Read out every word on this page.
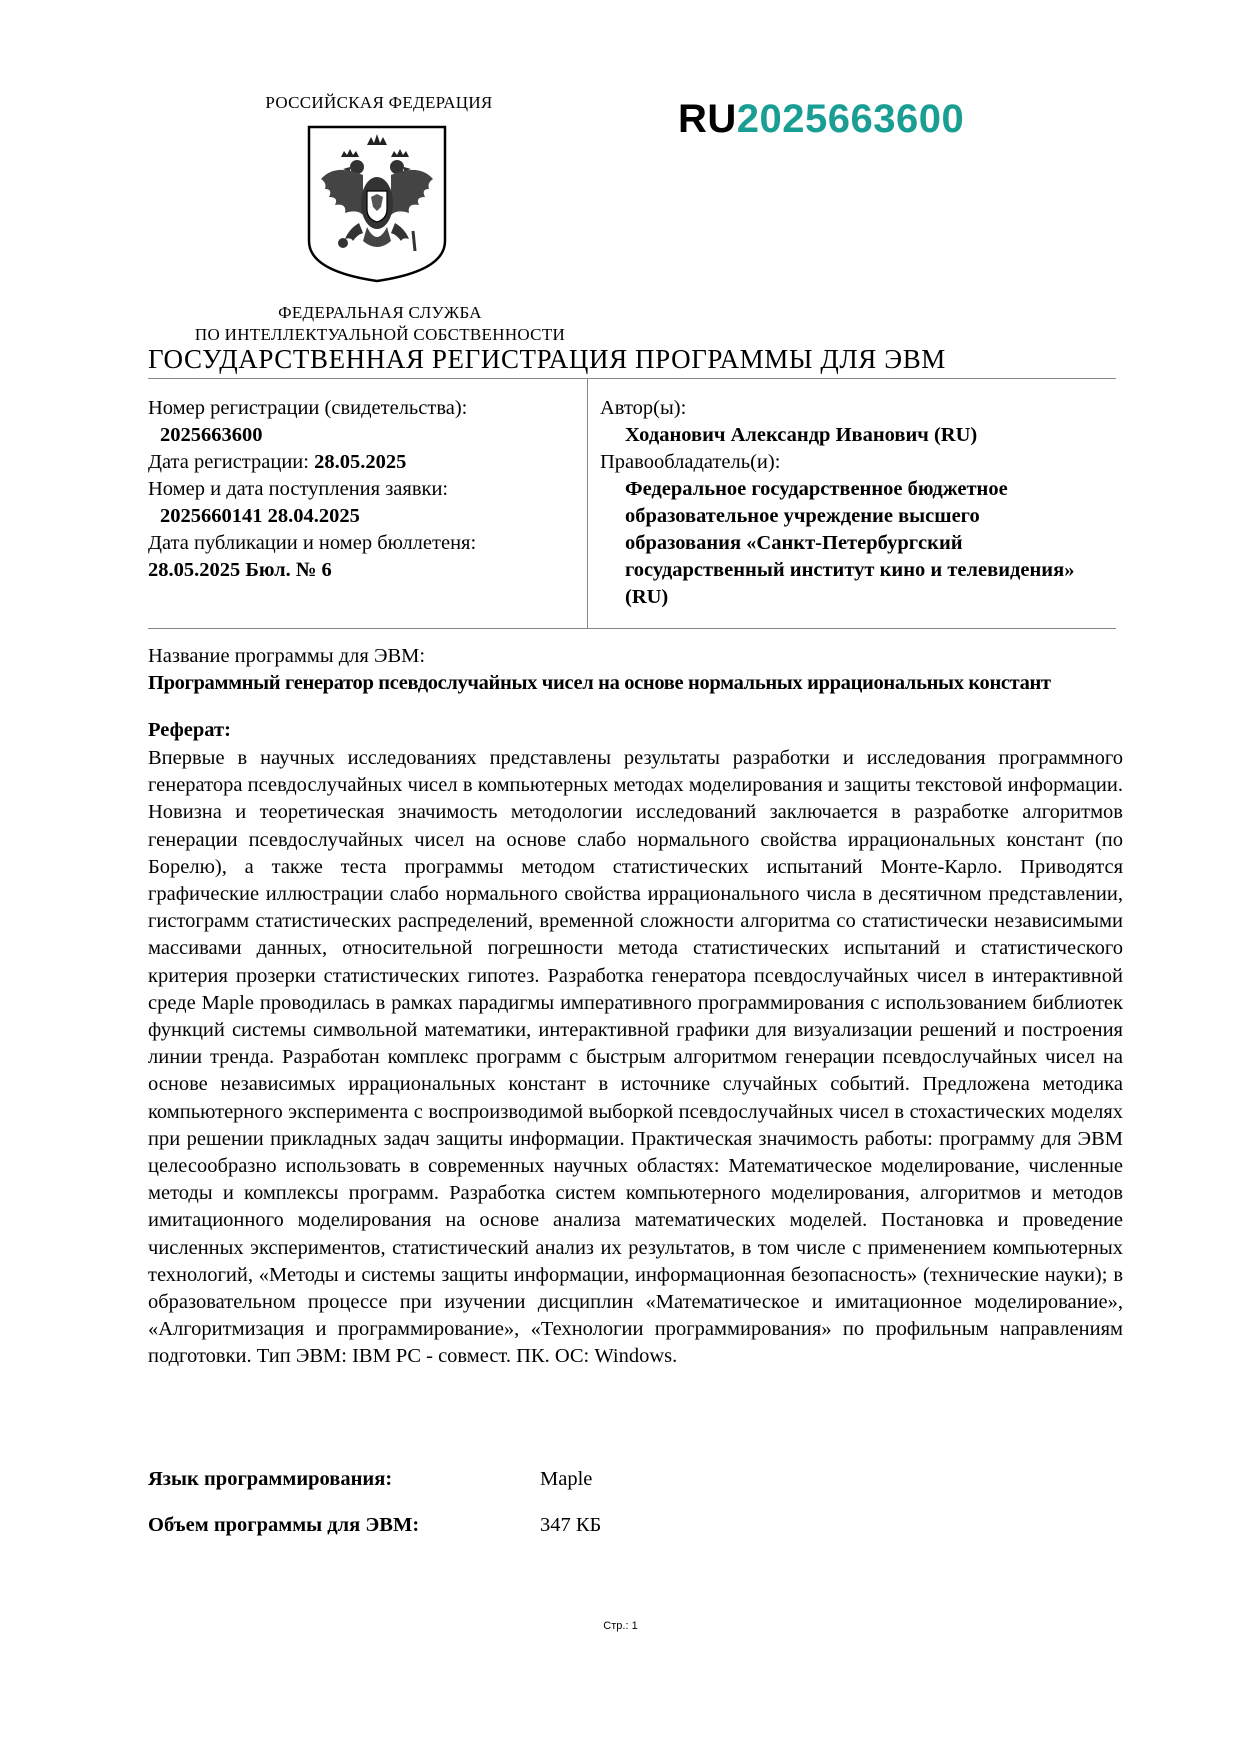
РОССИЙСКАЯ ФЕДЕРАЦИЯ
ФЕДЕРАЛЬНАЯ СЛУЖБА
ПО ИНТЕЛЛЕКТУАЛЬНОЙ СОБСТВЕННОСТИ
RU2025663600
ГОСУДАРСТВЕННАЯ РЕГИСТРАЦИЯ ПРОГРАММЫ ДЛЯ ЭВМ
Номер регистрации (свидетельства):
2025663600
Дата регистрации: 28.05.2025
Номер и дата поступления заявки:
2025660141 28.04.2025
Дата публикации и номер бюллетеня:
28.05.2025 Бюл. № 6
Автор(ы):
Ходанович Александр Иванович (RU)
Правообладатель(и):
Федеральное государственное бюджетное образовательное учреждение высшего образования «Санкт-Петербургский государственный институт кино и телевидения» (RU)
Название программы для ЭВМ:
Программный генератор псевдослучайных чисел на основе нормальных иррациональных констант
Реферат:

Впервые в научных исследованиях представлены результаты разработки и исследования программного генератора псевдослучайных чисел в компьютерных методах моделирования и защиты текстовой информации. Новизна и теоретическая значимость методологии исследований заключается в разработке алгоритмов генерации псевдослучайных чисел на основе слабо нормального свойства иррациональных констант (по Борелю), а также теста программы методом статистических испытаний Монте-Карло. Приводятся графические иллюстрации слабо нормального свойства иррационального числа в десятичном представлении, гистограмм статистических распределений, временной сложности алгоритма со статистически независимыми массивами данных, относительной погрешности метода статистических испытаний и статистического критерия прозерки статистических гипотез. Разработка генератора псевдослучайных чисел в интерактивной среде Maple проводилась в рамках парадигмы императивного программирования с использованием библиотек функций системы символьной математики, интерактивной графики для визуализации решений и построения линии тренда. Разработан комплекс программ с быстрым алгоритмом генерации псевдослучайных чисел на основе независимых иррациональных констант в источнике случайных событий. Предложена методика компьютерного эксперимента с воспроизводимой выборкой псевдослучайных чисел в стохастических моделях при решении прикладных задач защиты информации. Практическая значимость работы: программу для ЭВМ целесообразно использовать в современных научных областях: Математическое моделирование, численные методы и комплексы программ. Разработка систем компьютерного моделирования, алгоритмов и методов имитационного моделирования на основе анализа математических моделей. Постановка и проведение численных экспериментов, статистический анализ их результатов, в том числе с применением компьютерных технологий, «Методы и системы защиты информации, информационная безопасность» (технические науки); в образовательном процессе при изучении дисциплин «Математическое и имитационное моделирование», «Алгоритмизация и программирование», «Технологии программирования» по профильным направлениям подготовки. Тип ЭВМ: IBM PC - совмест. ПК. ОС: Windows.

Язык программирования:	Maple
Объем программы для ЭВМ:	347 КБ
Стр.: 1
